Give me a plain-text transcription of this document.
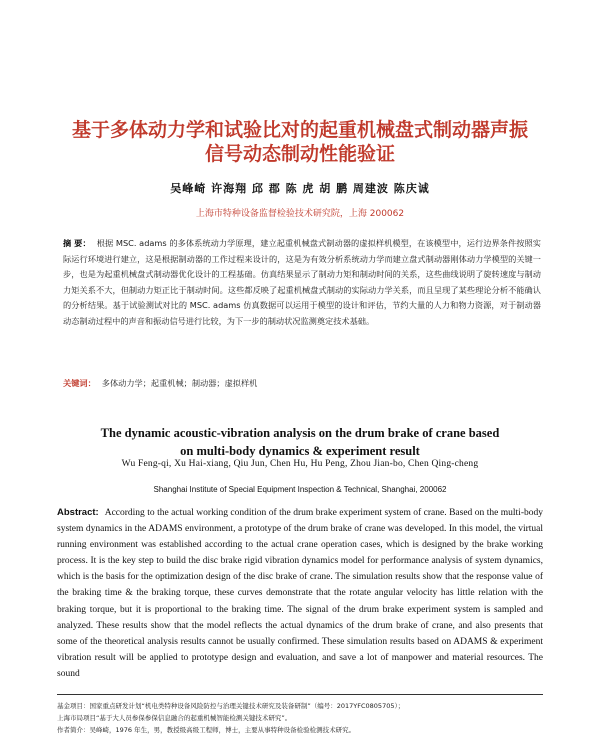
基于多体动力学和试验比对的起重机械盘式制动器声振
信号动态制动性能验证
吴峰崎 许海翔 邱 郡 陈 虎 胡 鹏 周建波 陈庆诚
上海市特种设备监督检验技术研究院，上海 200062
摘 要： 根据 MSC. adams 的多体系统动力学原理，建立起重机械盘式制动器的虚拟样机模型，在该模型中，运行边界条件按照实际运行环境进行建立，这是根据制动器的工作过程来设计的，这是为有效分析系统动力学而建立盘式制动器刚体动力学模型的关键一步，也是为起重机械盘式制动器优化设计的工程基础。仿真结果显示了制动力矩和制动时间的关系，这些曲线说明了旋转速度与制动力矩关系不大，但制动力矩正比于制动时间。这些都反映了起重机械盘式制动的实际动力学关系，而且呈现了某些理论分析不能确认的分析结果。基于试验测试对比的 MSC. adams 仿真数据可以运用于模型的设计和评估，节约大量的人力和物力资源，对于制动器动态制动过程中的声音和振动信号进行比较，为下一步的制动状况监测奠定技术基础。
关键词： 多体动力学；起重机械；制动器；虚拟样机
The dynamic acoustic-vibration analysis on the drum brake of crane based
on multi-body dynamics & experiment result
Wu Feng-qi, Xu Hai-xiang, Qiu Jun, Chen Hu, Hu Peng, Zhou Jian-bo, Chen Qing-cheng
Shanghai Institute of Special Equipment Inspection & Technical, Shanghai, 200062
Abstract: According to the actual working condition of the drum brake experiment system of crane. Based on the multi-body system dynamics in the ADAMS environment, a prototype of the drum brake of crane was developed. In this model, the virtual running environment was established according to the actual crane operation cases, which is designed by the brake working process. It is the key step to build the disc brake rigid vibration dynamics model for performance analysis of system dynamics, which is the basis for the optimization design of the disc brake of crane. The simulation results show that the response value of the braking time & the braking torque, these curves demonstrate that the rotate angular velocity has little relation with the braking torque, but it is proportional to the braking time. The signal of the drum brake experiment system is sampled and analyzed. These results show that the model reflects the actual dynamics of the drum brake of crane, and also presents that some of the theoretical analysis results cannot be usually confirmed. These simulation results based on ADAMS & experiment vibration result will be applied to prototype design and evaluation, and save a lot of manpower and material resources. The sound
基金项目：国家重点研发计划“机电类特种设备风险防控与治理关键技术研究及装备研制”（编号：2017YFC0805705）；
上海市局项目“基于大人员参保参保信息融合的起重机械智能检测关键技术研究”。
作者简介：吴峰崎，1976 年生，男，教授级高级工程师，博士，主要从事特种设备检验检测技术研究。
